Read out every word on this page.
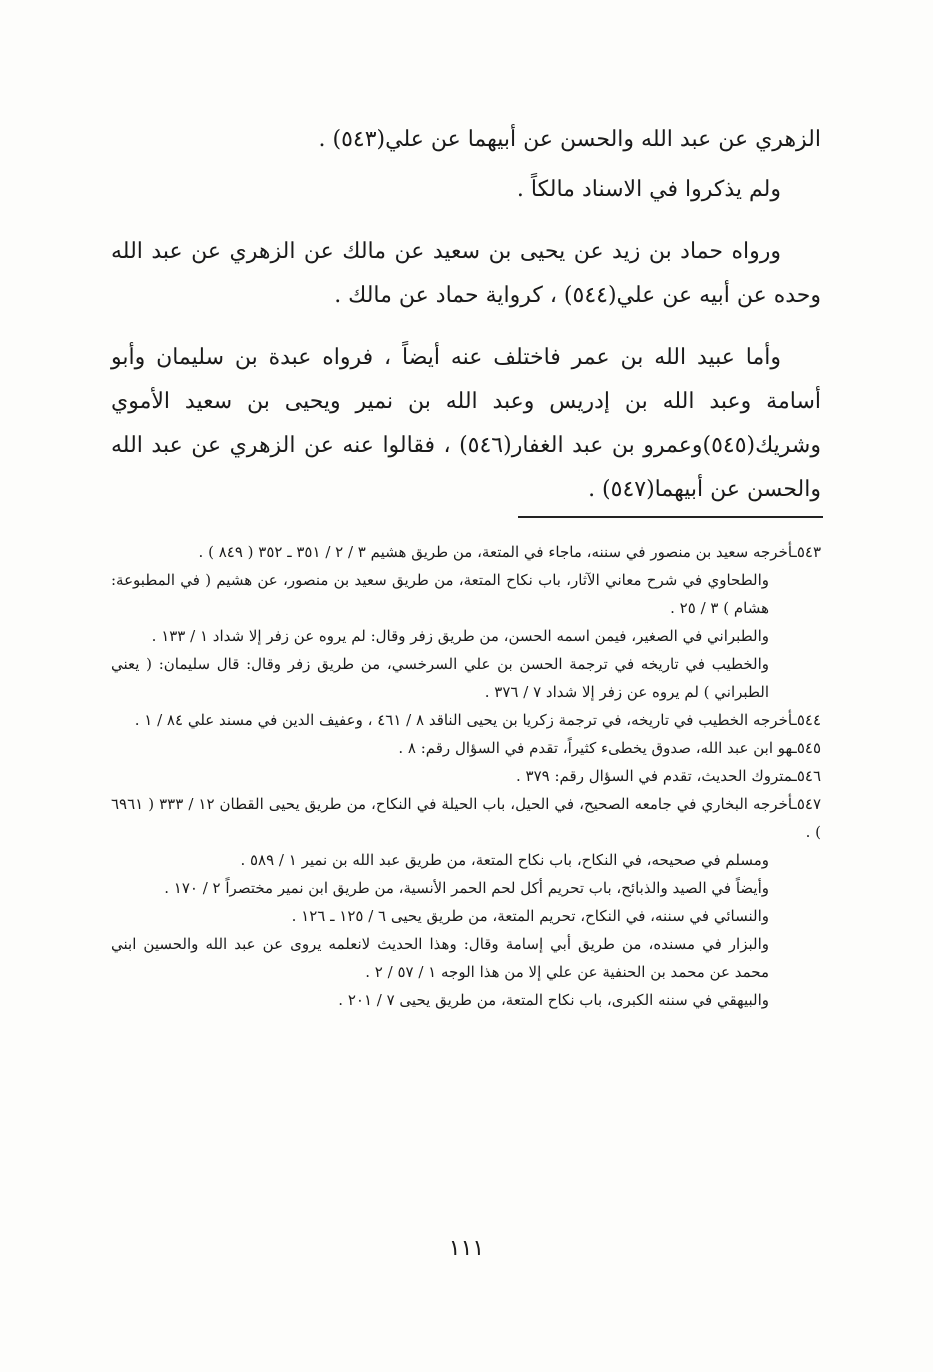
الزهري عن عبد الله والحسن عن أبيهما عن علي(٥٤٣) .

ولم يذكروا في الاسناد مالكاً .

ورواه حماد بن زيد عن يحيى بن سعيد عن مالك عن الزهري عن عبد الله وحده عن أبيه عن علي(٥٤٤) ، كرواية حماد عن مالك .

وأما عبيد الله بن عمر فاختلف عنه أيضاً ، فرواه عبدة بن سليمان وأبو أسامة وعبد الله بن إدريس وعبد الله بن نمير ويحيى بن سعيد الأموي وشريك(٥٤٥)وعمرو بن عبد الغفار(٥٤٦) ، فقالوا عنه عن الزهري عن عبد الله والحسن عن أبيهما(٥٤٧) .

٥٤٣ـأخرجه سعيد بن منصور في سننه، ماجاء في المتعة، من طريق هشيم ٣ / ٢ / ٣٥١ ـ ٣٥٢ ( ٨٤٩ ) .

والطحاوي في شرح معاني الآثار، باب نكاح المتعة، من طريق سعيد بن منصور، عن هشيم ( في المطبوعة: هشام ) ٣ / ٢٥ .

والطبراني في الصغير، فيمن اسمه الحسن، من طريق زفر وقال: لم يروه عن زفر إلا شداد ١ / ١٣٣ .

والخطيب في تاريخه في ترجمة الحسن بن علي السرخسي، من طريق زفر وقال: قال سليمان: ( يعني الطبراني ) لم يروه عن زفر إلا شداد ٧ / ٣٧٦ .

٥٤٤ـأخرجه الخطيب في تاريخه، في ترجمة زكريا بن يحيى الناقد ٨ / ٤٦١ ، وعفيف الدين في مسند علي ٨٤ / ١ .

٥٤٥ـهو ابن عبد الله، صدوق يخطىء كثيراً، تقدم في السؤال رقم: ٨ .

٥٤٦ـمتروك الحديث، تقدم في السؤال رقم: ٣٧٩ .

٥٤٧ـأخرجه البخاري في جامعه الصحيح، في الحيل، باب الحيلة في النكاح، من طريق يحيى القطان ١٢ / ٣٣٣ ( ٦٩٦١ ) .

ومسلم في صحيحه، في النكاح، باب نكاح المتعة، من طريق عبد الله بن نمير ١ / ٥٨٩ .

وأيضاً في الصيد والذبائح، باب تحريم أكل لحم الحمر الأنسية، من طريق ابن نمير مختصراً ٢ / ١٧٠ .

والنسائي في سننه، في النكاح، تحريم المتعة، من طريق يحيى ٦ / ١٢٥ ـ ١٢٦ .

والبزار في مسنده، من طريق أبي إسامة وقال: وهذا الحديث لانعلمه يروى عن عبد الله والحسين ابني محمد عن محمد بن الحنفية عن علي إلا من هذا الوجه ١ / ٥٧ / ٢ .

والبيهقي في سننه الكبرى، باب نكاح المتعة، من طريق يحيى ٧ / ٢٠١ .

١١١
